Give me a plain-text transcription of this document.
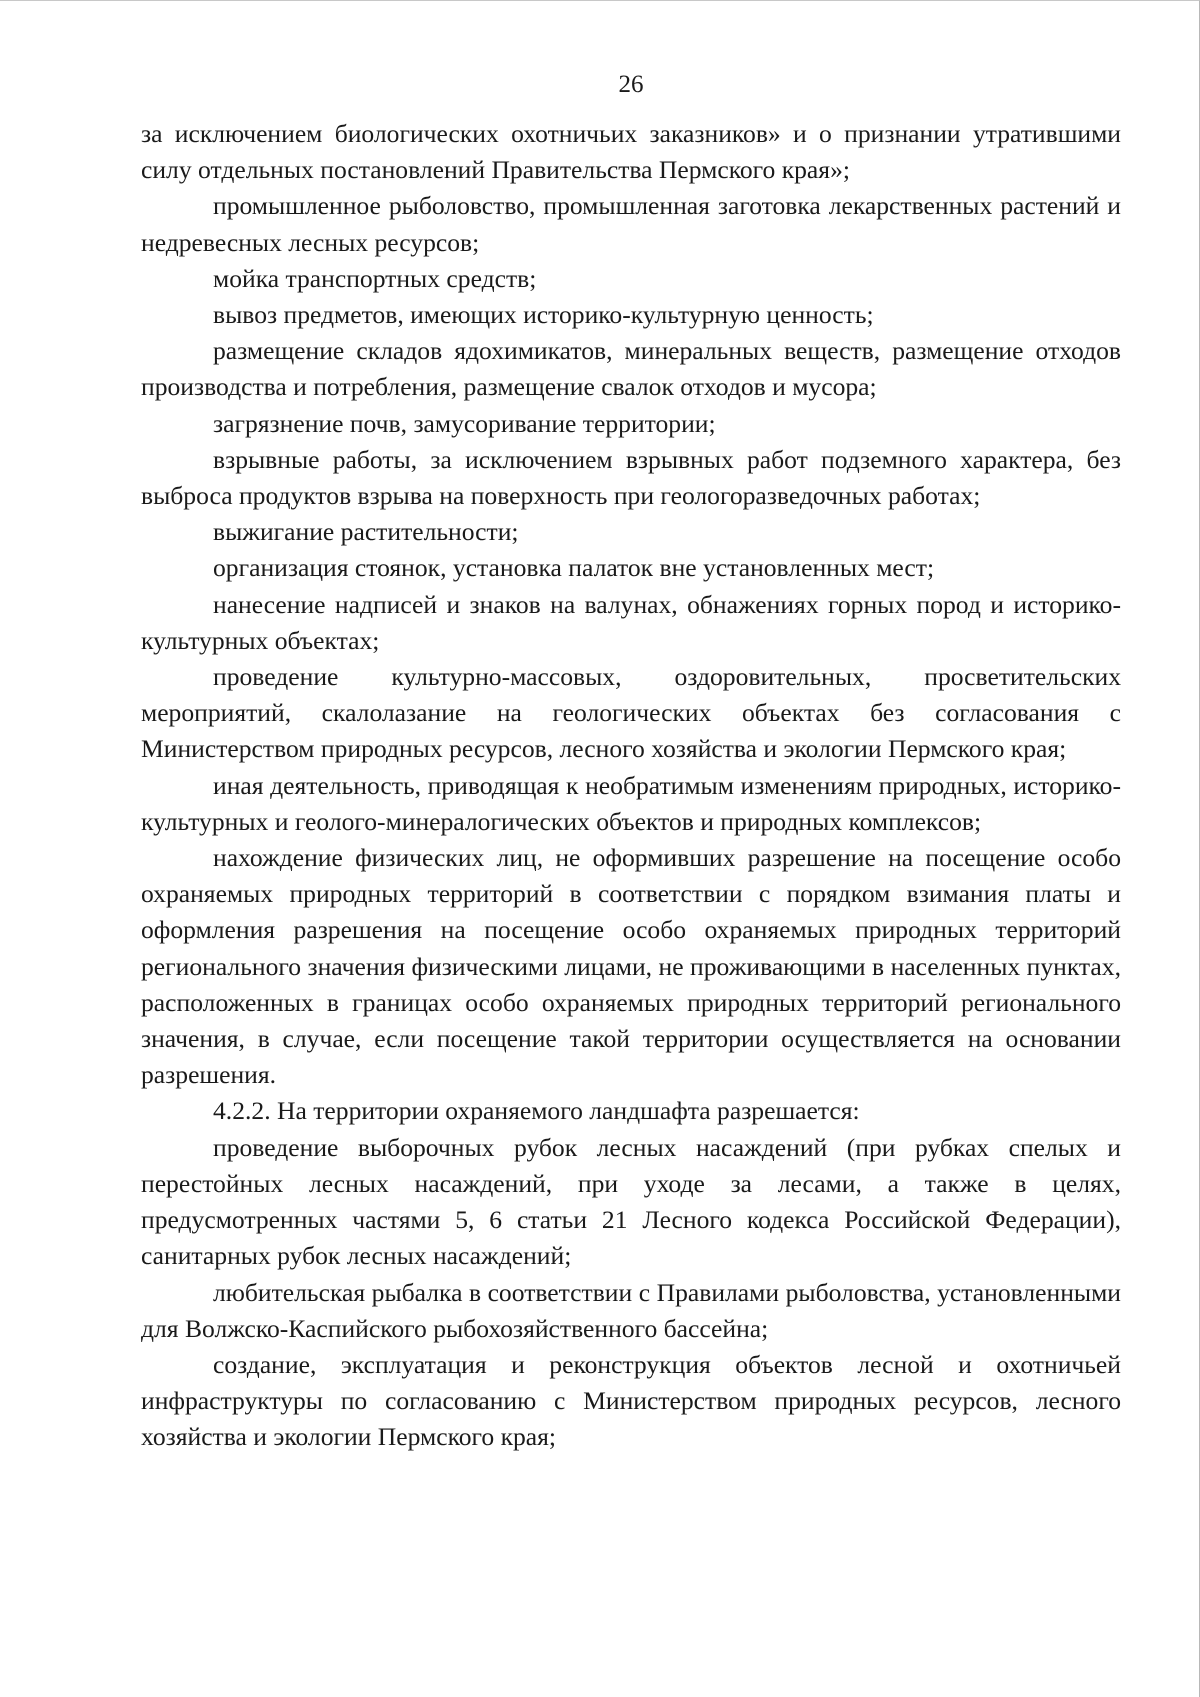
26

за исключением биологических охотничьих заказников» и о признании утратившими силу отдельных постановлений Правительства Пермского края»;

промышленное рыболовство, промышленная заготовка лекарственных растений и недревесных лесных ресурсов;

мойка транспортных средств;

вывоз предметов, имеющих историко-культурную ценность;

размещение складов ядохимикатов, минеральных веществ, размещение отходов производства и потребления, размещение свалок отходов и мусора;

загрязнение почв, замусоривание территории;

взрывные работы, за исключением взрывных работ подземного характера, без выброса продуктов взрыва на поверхность при геологоразведочных работах;

выжигание растительности;

организация стоянок, установка палаток вне установленных мест;

нанесение надписей и знаков на валунах, обнажениях горных пород и историко-культурных объектах;

проведение культурно-массовых, оздоровительных, просветительских мероприятий, скалолазание на геологических объектах без согласования с Министерством природных ресурсов, лесного хозяйства и экологии Пермского края;

иная деятельность, приводящая к необратимым изменениям природных, историко-культурных и геолого-минералогических объектов и природных комплексов;

нахождение физических лиц, не оформивших разрешение на посещение особо охраняемых природных территорий в соответствии с порядком взимания платы и оформления разрешения на посещение особо охраняемых природных территорий регионального значения физическими лицами, не проживающими в населенных пунктах, расположенных в границах особо охраняемых природных территорий регионального значения, в случае, если посещение такой территории осуществляется на основании разрешения.

4.2.2. На территории охраняемого ландшафта разрешается:

проведение выборочных рубок лесных насаждений (при рубках спелых и перестойных лесных насаждений, при уходе за лесами, а также в целях, предусмотренных частями 5, 6 статьи 21 Лесного кодекса Российской Федерации), санитарных рубок лесных насаждений;

любительская рыбалка в соответствии с Правилами рыболовства, установленными для Волжско-Каспийского рыбохозяйственного бассейна;

создание, эксплуатация и реконструкция объектов лесной и охотничьей инфраструктуры по согласованию с Министерством природных ресурсов, лесного хозяйства и экологии Пермского края;
